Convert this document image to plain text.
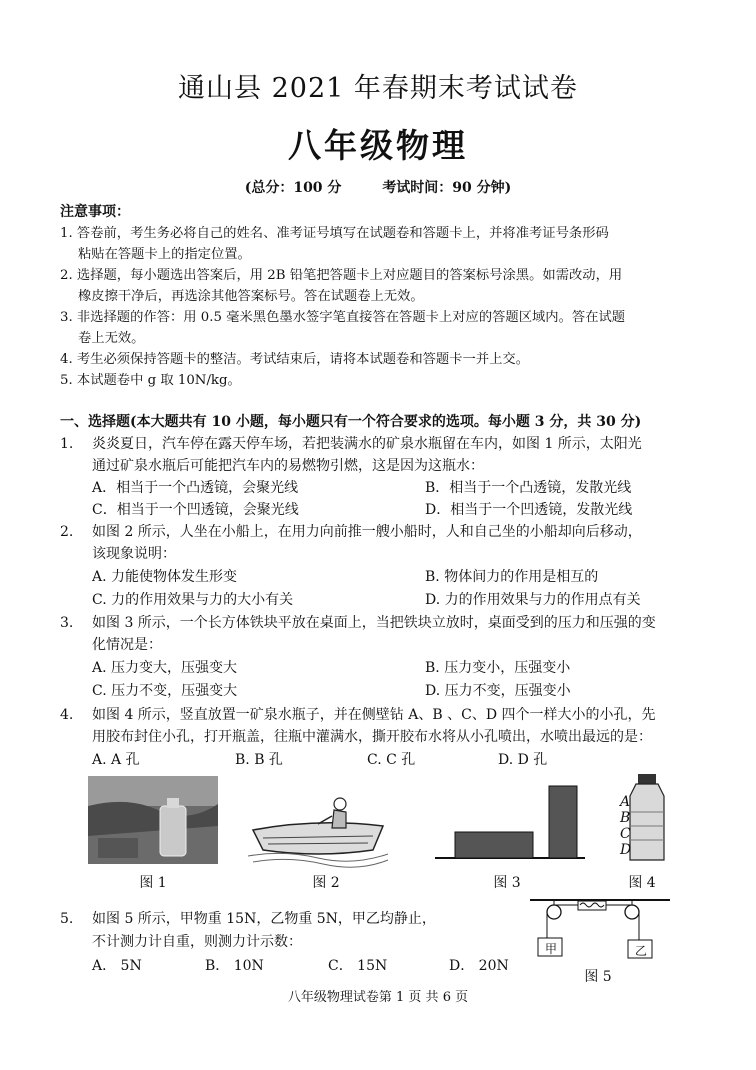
通山县 2021 年春期末考试试卷
八年级物理
(总分：100 分	考试时间：90 分钟)
注意事项：
1. 答卷前，考生务必将自己的姓名、准考证号填写在试题卷和答题卡上，并将准考证号条形码
粘贴在答题卡上的指定位置。
2. 选择题，每小题选出答案后，用 2B 铅笔把答题卡上对应题目的答案标号涂黑。如需改动，用
橡皮擦干净后，再选涂其他答案标号。答在试题卷上无效。
3. 非选择题的作答：用 0.5 毫米黑色墨水签字笔直接答在答题卡上对应的答题区域内。答在试题
卷上无效。
4. 考生必须保持答题卡的整洁。考试结束后，请将本试题卷和答题卡一并上交。
5. 本试题卷中 g 取 10N/kg。
一、选择题(本大题共有 10 小题，每小题只有一个符合要求的选项。每小题 3 分，共 30 分)
1. 炎炎夏日，汽车停在露天停车场，若把装满水的矿泉水瓶留在车内，如图 1 所示，太阳光
通过矿泉水瓶后可能把汽车内的易燃物引燃，这是因为这瓶水：
A．相当于一个凸透镜，会聚光线	B．相当于一个凸透镜，发散光线
C．相当于一个凹透镜，会聚光线	D．相当于一个凹透镜，发散光线
2. 如图 2 所示，人坐在小船上，在用力向前推一艘小船时，人和自己坐的小船却向后移动，
该现象说明：
A. 力能使物体发生形变	B. 物体间力的作用是相互的
C. 力的作用效果与力的大小有关	D. 力的作用效果与力的作用点有关
3. 如图 3 所示，一个长方体铁块平放在桌面上，当把铁块立放时，桌面受到的压力和压强的变
化情况是：
A. 压力变大，压强变大	B. 压力变小，压强变小
C. 压力不变，压强变大	D. 压力不变，压强变小
4. 如图 4 所示，竖直放置一矿泉水瓶子，并在侧壁钻 A、B 、C、D 四个一样大小的小孔，先
用胶布封住小孔，打开瓶盖，往瓶中灌满水，撕开胶布水将从小孔喷出，水喷出最远的是：
A. A 孔	B. B 孔	C. C 孔	D. D 孔
图 1	图 2	图 3
A
B
C
D
图 4
5. 如图 5 所示，甲物重 15N，乙物重 5N，甲乙均静止，
不计测力计自重，则测力计示数：
A． 5N	B． 10N	C． 15N	D． 20N
甲	乙
图 5
八年级物理试卷第 1 页 共 6 页
